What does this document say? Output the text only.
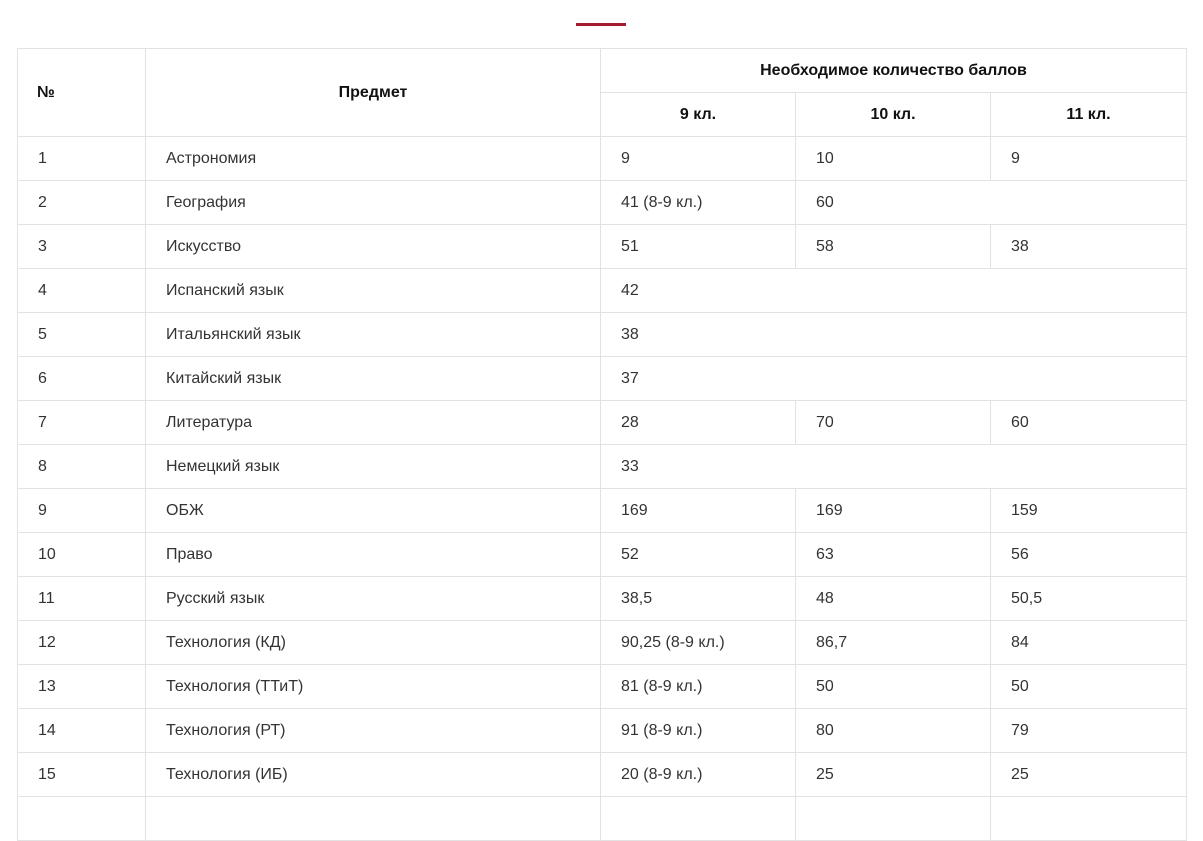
№	Предмет	Необходимое количество баллов		
		9 кл.	10 кл.	11 кл.
1	Астрономия	9	10	9
2	География	41 (8-9 кл.)	60	
3	Искусство	51	58	38
4	Испанский язык	42		
5	Итальянский язык	38		
6	Китайский язык	37		
7	Литература	28	70	60
8	Немецкий язык	33		
9	ОБЖ	169	169	159
10	Право	52	63	56
11	Русский язык	38,5	48	50,5
12	Технология (КД)	90,25 (8-9 кл.)	86,7	84
13	Технология (ТТиТ)	81 (8-9 кл.)	50	50
14	Технология (РТ)	91 (8-9 кл.)	80	79
15	Технология (ИБ)	20 (8-9 кл.)	25	25
